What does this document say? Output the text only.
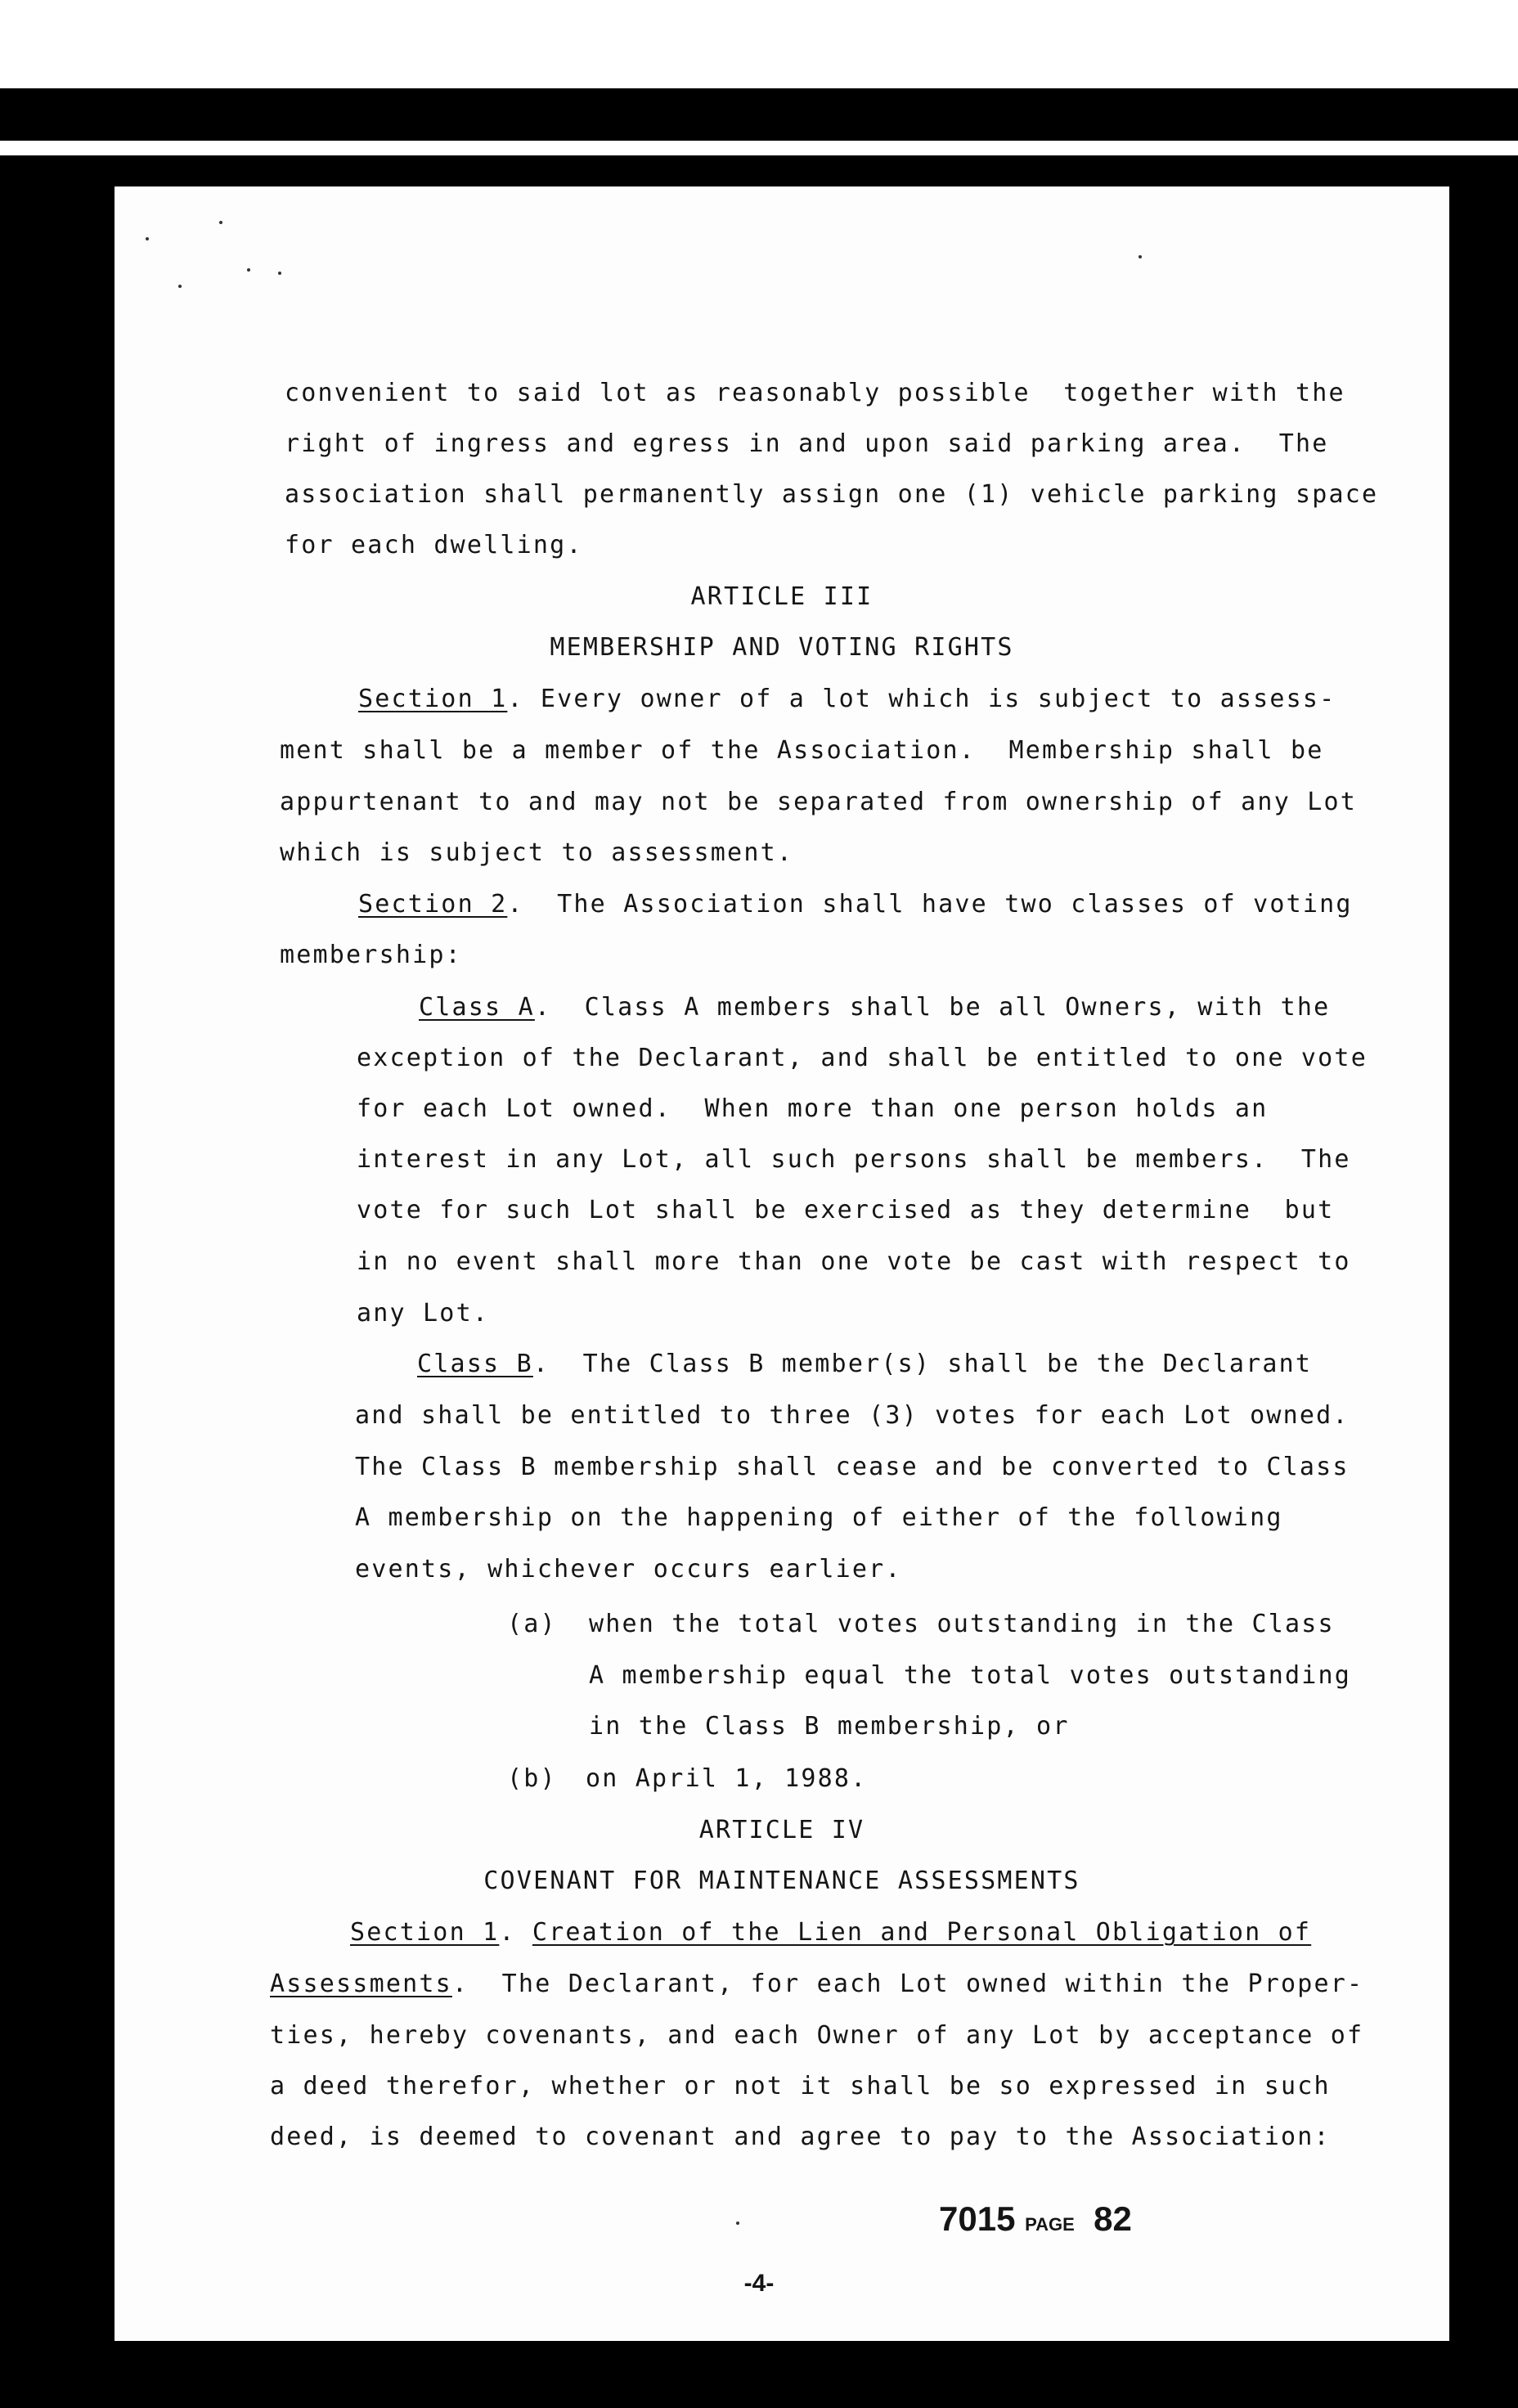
convenient to said lot as reasonably possible  together with the
right of ingress and egress in and upon said parking area.  The
association shall permanently assign one (1) vehicle parking space
for each dwelling.
ARTICLE III
MEMBERSHIP AND VOTING RIGHTS
Section 1. Every owner of a lot which is subject to assess-
ment shall be a member of the Association.  Membership shall be
appurtenant to and may not be separated from ownership of any Lot
which is subject to assessment.
Section 2.  The Association shall have two classes of voting
membership:
Class A.  Class A members shall be all Owners, with the
exception of the Declarant, and shall be entitled to one vote
for each Lot owned.  When more than one person holds an
interest in any Lot, all such persons shall be members.  The
vote for such Lot shall be exercised as they determine  but
in no event shall more than one vote be cast with respect to
any Lot.
Class B.  The Class B member(s) shall be the Declarant
and shall be entitled to three (3) votes for each Lot owned.
The Class B membership shall cease and be converted to Class
A membership on the happening of either of the following
events, whichever occurs earlier.
(a) when the total votes outstanding in the Class
A membership equal the total votes outstanding
in the Class B membership, or
(b) on April 1, 1988.
ARTICLE IV
COVENANT FOR MAINTENANCE ASSESSMENTS
Section 1. Creation of the Lien and Personal Obligation of
Assessments.  The Declarant, for each Lot owned within the Proper-
ties, hereby covenants, and each Owner of any Lot by acceptance of
a deed therefor, whether or not it shall be so expressed in such
deed, is deemed to covenant and agree to pay to the Association:
7015 PAGE 82
-4-
